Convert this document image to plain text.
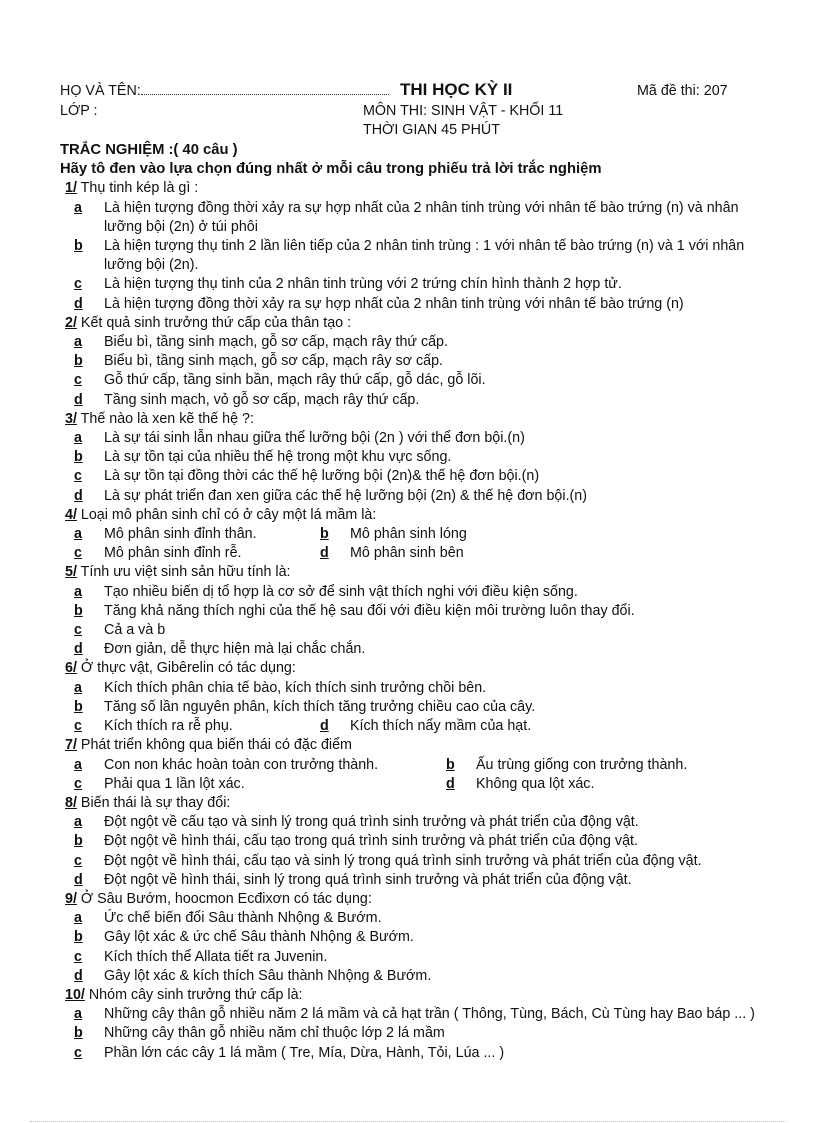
HỌ VÀ TÊN:	THI HỌC KỲ II	Mã đề thi: 207
LỚP :	MÔN THI: SINH VẬT - KHỐI 11
THỜI GIAN 45 PHÚT
TRẮC NGHIỆM :( 40 câu )
Hãy tô đen vào lựa chọn đúng nhất ở mỗi câu trong phiếu trả lời trắc nghiệm
1/ Thụ tinh kép là gì :
a	Là hiện tượng đồng thời xảy ra sự hợp nhất của 2 nhân tinh trùng với nhân tế bào trứng (n) và nhân lưỡng bội (2n) ở túi phôi
b	Là hiện tượng thụ tinh 2 lần liên tiếp của 2 nhân tinh trùng : 1 với nhân tế bào trứng (n) và 1 với nhân lưỡng bội (2n).
c	Là hiện tượng thụ tinh của 2 nhân tinh trùng với 2 trứng chín hình thành 2 hợp tử.
d	Là hiện tượng đồng thời xảy ra sự hợp nhất của 2 nhân tinh trùng với nhân tế bào trứng (n)
2/ Kết quả sinh trưởng thứ cấp của thân tạo :
a	Biểu bì, tầng sinh mạch, gỗ sơ cấp, mạch rây thứ cấp.
b	Biểu bì, tầng sinh mạch, gỗ sơ cấp, mạch rây sơ cấp.
c	Gỗ thứ cấp, tầng sinh bần, mạch rây thứ cấp, gỗ dác, gỗ lõi.
d	Tầng sinh mạch, vỏ gỗ sơ cấp, mạch rây thứ cấp.
3/ Thế nào là xen kẽ thế hệ ?:
a	Là sự tái sinh lẫn nhau giữa thể lưỡng bội (2n ) với thể đơn bội.(n)
b	Là sự tồn tại của nhiều thế hệ trong một khu vực sống.
c	Là sự tồn tại đồng thời các thế hệ lưỡng bội (2n)& thế hệ đơn bội.(n)
d	Là sự phát triển đan xen giữa các thế hệ lưỡng bội (2n) & thế hệ đơn bội.(n)
4/ Loại mô phân sinh chỉ có ở cây một lá mầm là:
a	Mô phân sinh đỉnh thân.	b	Mô phân sinh lóng
c	Mô phân sinh đỉnh rễ.	d	Mô phân sinh bên
5/ Tính ưu việt sinh sản hữu tính là:
a	Tạo nhiều biến dị tổ hợp là cơ sở để sinh vật thích nghi với điều kiện sống.
b	Tăng khả năng thích nghi của thế hệ sau đối với điều kiện môi trường luôn thay đổi.
c	Cả a và b
d	Đơn giản, dễ thực hiện mà lại chắc chắn.
6/ Ở thực vật, Gibêrelin có tác dụng:
a	Kích thích phân chia tế bào, kích thích sinh trưởng chồi bên.
b	Tăng số lần nguyên phân, kích thích tăng trưởng chiều cao của cây.
c	Kích thích ra rễ phụ.	d	Kích thích nẩy mầm của hạt.
7/ Phát triển không qua biến thái có đặc điểm
a	Con non khác hoàn toàn con trưởng thành.	b	Ấu trùng giống con trưởng thành.
c	Phải qua 1 lần lột xác.	d	Không qua lột xác.
8/ Biến thái là sự thay đổi:
a	Đột ngột về cấu tạo và sinh lý trong quá trình sinh trưởng và phát triển của động vật.
b	Đột ngột về hình thái, cấu tạo trong quá trình sinh trưởng và phát triển của động vật.
c	Đột ngột về hình thái, cấu tạo và sinh lý trong quá trình sinh trưởng và phát triển của động vật.
d	Đột ngột về hình thái, sinh lý trong quá trình sinh trưởng và phát triển của động vật.
9/ Ở Sâu Bướm, hoocmon Ecđixơn có tác dụng:
a	Ức chế biến đổi Sâu thành Nhộng & Bướm.
b	Gây lột xác & ức chế Sâu thành Nhộng & Bướm.
c	Kích thích thể Allata tiết ra Juvenin.
d	Gây lột xác & kích thích Sâu thành Nhộng & Bướm.
10/ Nhóm cây sinh trưởng thứ cấp là:
a	Những cây thân gỗ nhiều năm 2 lá mầm và cả hạt trần ( Thông, Tùng, Bách, Cù Tùng hay Bao báp ... )
b	Những cây thân gỗ nhiều năm chỉ thuộc lớp 2 lá mầm
c	Phần lớn các cây 1 lá mầm ( Tre, Mía, Dừa, Hành, Tỏi, Lúa ... )
